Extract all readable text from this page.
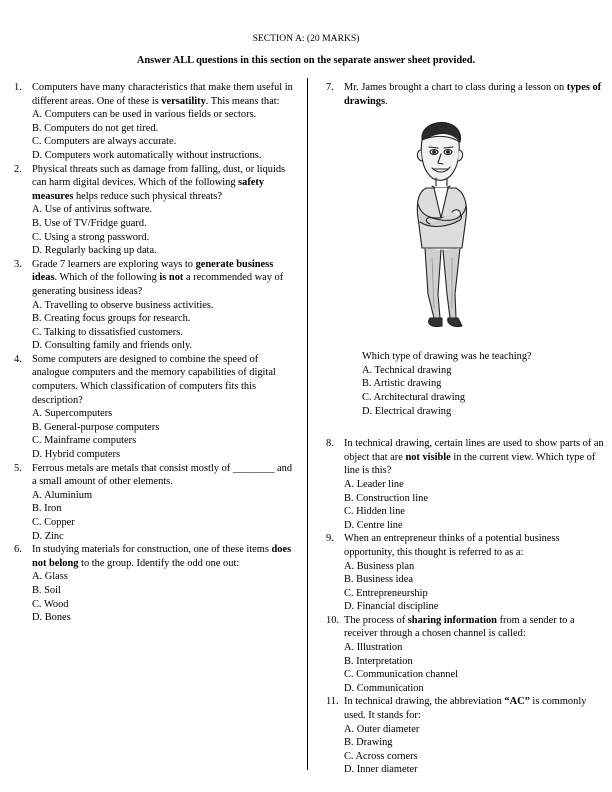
SECTION A: (20 MARKS)
Answer ALL questions in this section on the separate answer sheet provided.
1. Computers have many characteristics that make them useful in different areas. One of these is versatility. This means that:
A. Computers can be used in various fields or sectors.
B. Computers do not get tired.
C. Computers are always accurate.
D. Computers work automatically without instructions.
2. Physical threats such as damage from falling, dust, or liquids can harm digital devices. Which of the following safety measures helps reduce such physical threats?
A. Use of antivirus software.
B. Use of TV/Fridge guard.
C. Using a strong password.
D. Regularly backing up data.
3. Grade 7 learners are exploring ways to generate business ideas. Which of the following is not a recommended way of generating business ideas?
A. Travelling to observe business activities.
B. Creating focus groups for research.
C. Talking to dissatisfied customers.
D. Consulting family and friends only.
4. Some computers are designed to combine the speed of analogue computers and the memory capabilities of digital computers. Which classification of computers fits this description?
A. Supercomputers
B. General-purpose computers
C. Mainframe computers
D. Hybrid computers
5. Ferrous metals are metals that consist mostly of ________ and a small amount of other elements.
A. Aluminium
B. Iron
C. Copper
D. Zinc
6. In studying materials for construction, one of these items does not belong to the group. Identify the odd one out:
A. Glass
B. Soil
C. Wood
D. Bones
7. Mr. James brought a chart to class during a lesson on types of drawings.
Which type of drawing was he teaching?
A. Technical drawing
B. Artistic drawing
C. Architectural drawing
D. Electrical drawing
8. In technical drawing, certain lines are used to show parts of an object that are not visible in the current view. Which type of line is this?
A. Leader line
B. Construction line
C. Hidden line
D. Centre line
9. When an entrepreneur thinks of a potential business opportunity, this thought is referred to as a:
A. Business plan
B. Business idea
C. Entrepreneurship
D. Financial discipline
10. The process of sharing information from a sender to a receiver through a chosen channel is called:
A. Illustration
B. Interpretation
C. Communication channel
D. Communication
11. In technical drawing, the abbreviation “AC” is commonly used. It stands for:
A. Outer diameter
B. Drawing
C. Across corners
D. Inner diameter
